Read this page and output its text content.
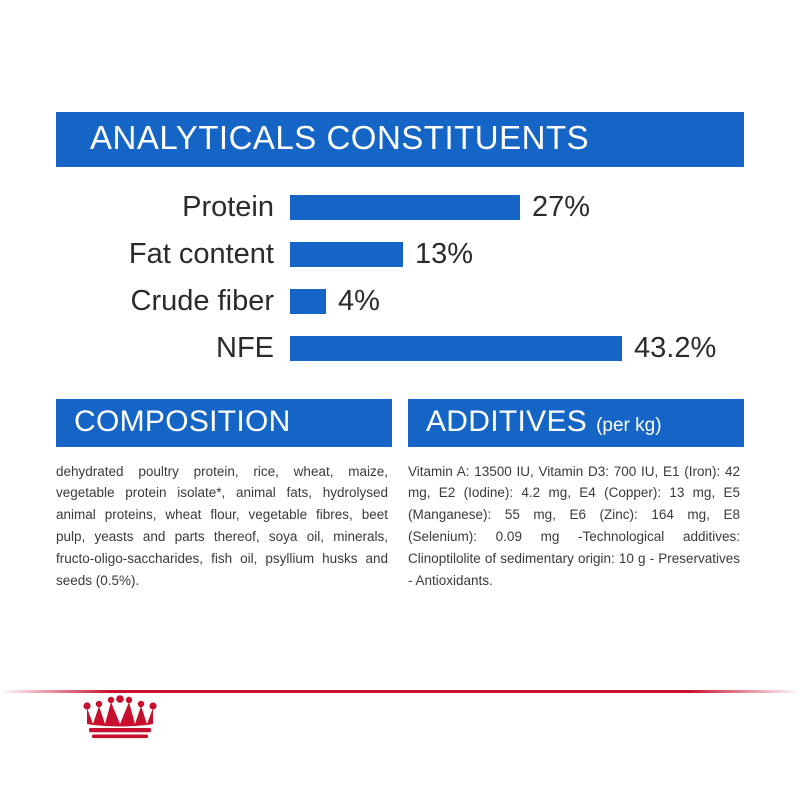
ANALYTICALS CONSTITUENTS
Protein	27%
Fat content	13%
Crude fiber	4%
NFE	43.2%
COMPOSITION
dehydrated poultry protein, rice, wheat, maize, vegetable protein isolate*, animal fats, hydrolysed animal proteins, wheat flour, vegetable fibres, beet pulp, yeasts and parts thereof, soya oil, minerals, fructo-oligo-saccharides, fish oil, psyllium husks and seeds (0.5%).
ADDITIVES (per kg)
Vitamin A: 13500 IU, Vitamin D3: 700 IU, E1 (Iron): 42 mg, E2 (Iodine): 4.2 mg, E4 (Copper): 13 mg, E5 (Manganese): 55 mg, E6 (Zinc): 164 mg, E8 (Selenium): 0.09 mg -Technological additives: Clinoptilolite of sedimentary origin: 10 g - Preservatives - Antioxidants.
